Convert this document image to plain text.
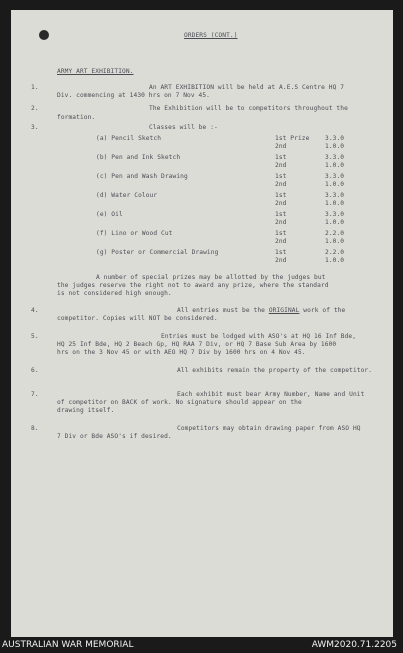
ORDERS (CONT.)
ARMY ART EXHIBITION.
1.	An ART EXHIBITION will be held at A.E.S Centre HQ 7
Div. commencing at 1430 hrs on 7 Nov 45.
2.	The Exhibition will be to competitors throughout the
formation.
3.	Classes will be :-
(a) Pencil Sketch	1st Prize	3.3.0
2nd	1.0.0
(b) Pen and Ink Sketch	1st	3.3.0
2nd	1.0.0
(c) Pen and Wash Drawing	1st	3.3.0
2nd	1.0.0
(d) Water Colour	1st	3.3.0
2nd	1.0.0
(e) Oil	1st	3.3.0
2nd	1.0.0
(f) Lino or Wood Cut	1st	2.2.0
2nd	1.0.0
(g) Poster or Commercial Drawing	1st	2.2.0
2nd	1.0.0
A number of special prizes may be allotted by the judges but
the judges reserve the right not to award any prize, where the standard
is not considered high enough.
4.	All entries must be the ORIGINAL work of the
competitor. Copies will NOT be considered.
5.	Entries must be lodged with ASO's at HQ 16 Inf Bde,
HQ 25 Inf Bde, HQ 2 Beach Gp, HQ RAA 7 Div, or HQ 7 Base Sub Area by 1600
hrs on the 3 Nov 45 or with AEO HQ 7 Div by 1600 hrs on 4 Nov 45.
6.	All exhibits remain the property of the competitor.
7.	Each exhibit must bear Army Number, Name and Unit
of competitor on BACK of work. No signature should appear on the
drawing itself.
8.	Competitors may obtain drawing paper from ASO HQ
7 Div or Bde ASO's if desired.
AUSTRALIAN WAR MEMORIAL	AWM2020.71.2205
